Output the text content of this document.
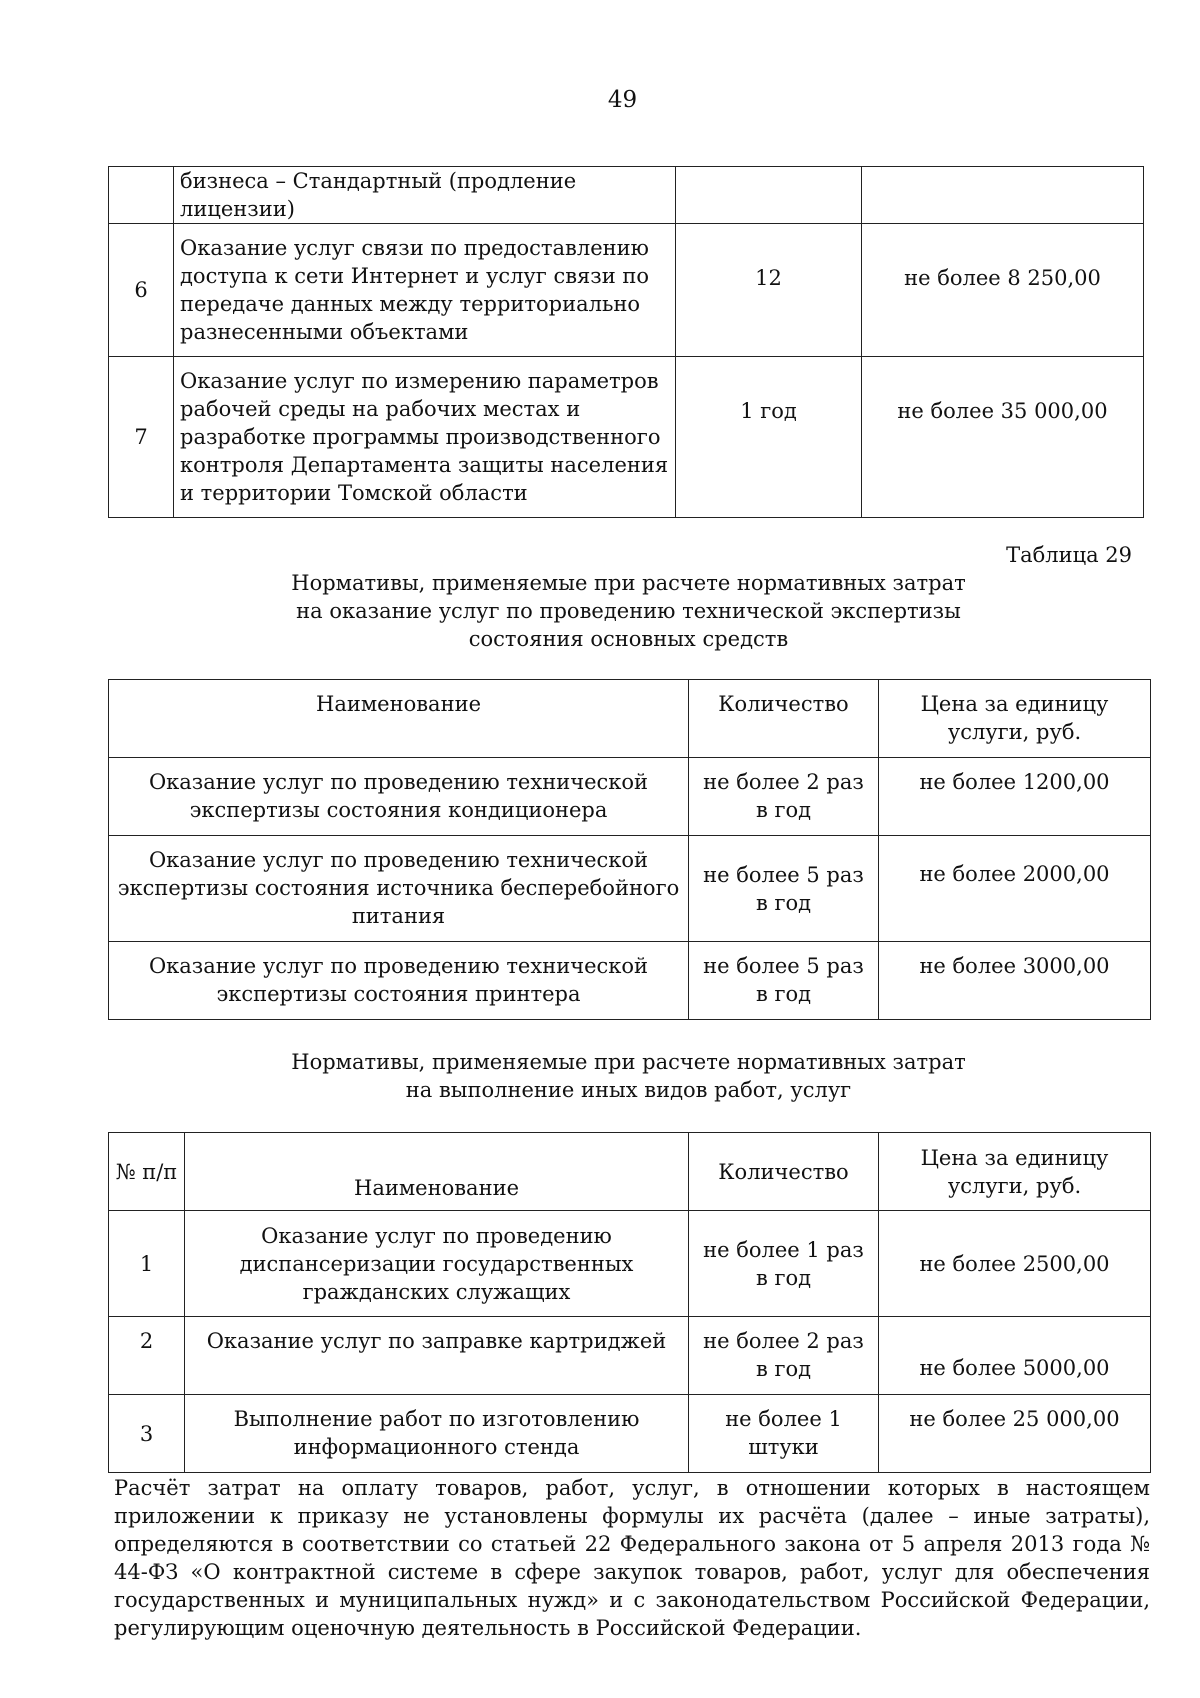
49
	бизнеса – Стандартный (продление лицензии)		
6	Оказание услуг связи по предоставлению доступа к сети Интернет и услуг связи по передаче данных между территориально разнесенными объектами	12	не более 8 250,00
7	Оказание услуг по измерению параметров рабочей среды на рабочих местах и разработке программы производственного контроля Департамента защиты населения и территории Томской области	1 год	не более 35 000,00
Таблица 29
Нормативы, применяемые при расчете нормативных затрат
на оказание услуг по проведению технической экспертизы
состояния основных средств
Наименование	Количество	Цена за единицу услуги, руб.
Оказание услуг по проведению технической экспертизы состояния кондиционера	не более 2 раз в год	не более 1200,00
Оказание услуг по проведению технической экспертизы состояния источника бесперебойного питания	не более 5 раз в год	не более 2000,00
Оказание услуг по проведению технической экспертизы состояния принтера	не более 5 раз в год	не более 3000,00
Нормативы, применяемые при расчете нормативных затрат
на выполнение иных видов работ, услуг
№ п/п	Наименование	Количество	Цена за единицу услуги, руб.
1	Оказание услуг по проведению диспансеризации государственных гражданских служащих	не более 1 раз в год	не более 2500,00
2	Оказание услуг по заправке картриджей	не более 2 раз в год	не более 5000,00
3	Выполнение работ по изготовлению информационного стенда	не более 1 штуки	не более 25 000,00
Расчёт затрат на оплату товаров, работ, услуг, в отношении которых в настоящем приложении к приказу не установлены формулы их расчёта (далее – иные затраты), определяются в соответствии со статьей 22 Федерального закона от 5 апреля 2013 года № 44-ФЗ «О контрактной системе в сфере закупок товаров, работ, услуг для обеспечения государственных и муниципальных нужд» и с законодательством Российской Федерации, регулирующим оценочную деятельность в Российской Федерации.
